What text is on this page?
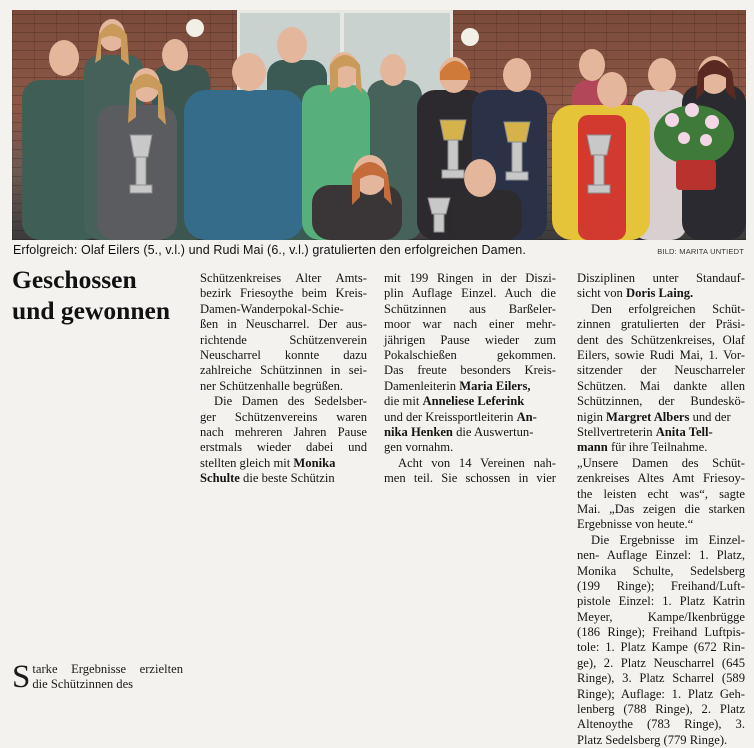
Erfolgreich: Olaf Eilers (5., v.l.) und Rudi Mai (6., v.l.) gratulierten den erfolgreichen Damen.	BILD: MARITA UNTIEDT
Geschossen
und gewonnen
S tarke Ergebnisse erzielten
die Schützinnen des
Schützenkreises Alter Amts-
bezirk Friesoythe beim Kreis-
Damen-Wanderpokal-Schie-
ßen in Neuscharrel. Der aus-
richtende Schützenverein
Neuscharrel konnte dazu
zahlreiche Schützinnen in sei-
ner Schützenhalle begrüßen.
Die Damen des Sedelsber-
ger Schützenvereins waren
nach mehreren Jahren Pause
erstmals wieder dabei und
stellten gleich mit Monika
Schulte die beste Schützin
mit 199 Ringen in der Diszi-
plin Auflage Einzel. Auch die
Schützinnen aus Barßeler-
moor war nach einer mehr-
jährigen Pause wieder zum
Pokalschießen gekommen.
Das freute besonders Kreis-
Damenleiterin Maria Eilers,
die mit Anneliese Leferink
und der Kreissportleiterin An-
nika Henken die Auswertun-
gen vornahm.
Acht von 14 Vereinen nah-
men teil. Sie schossen in vier
Disziplinen unter Standauf-
sicht von Doris Laing.
Den erfolgreichen Schüt-
zinnen gratulierten der Präsi-
dent des Schützenkreises, Olaf
Eilers, sowie Rudi Mai, 1. Vor-
sitzender der Neuscharreler
Schützen. Mai dankte allen
Schützinnen, der Bundeskö-
nigin Margret Albers und der
Stellvertreterin Anita Tell-
mann für ihre Teilnahme.
„Unsere Damen des Schüt-
zenkreises Altes Amt Friesoy-
the leisten echt was“, sagte
Mai. „Das zeigen die starken
Ergebnisse von heute.“
Die Ergebnisse im Einzel-
nen- Auflage Einzel: 1. Platz,
Monika Schulte, Sedelsberg
(199 Ringe); Freihand/Luft-
pistole Einzel: 1. Platz Katrin
Meyer, Kampe/Ikenbrügge
(186 Ringe); Freihand Luftpis-
tole: 1. Platz Kampe (672 Rin-
ge), 2. Platz Neuscharrel (645
Ringe), 3. Platz Scharrel (589
Ringe); Auflage: 1. Platz Geh-
lenberg (788 Ringe), 2. Platz
Altenoythe (783 Ringe), 3.
Platz Sedelsberg (779 Ringe).
